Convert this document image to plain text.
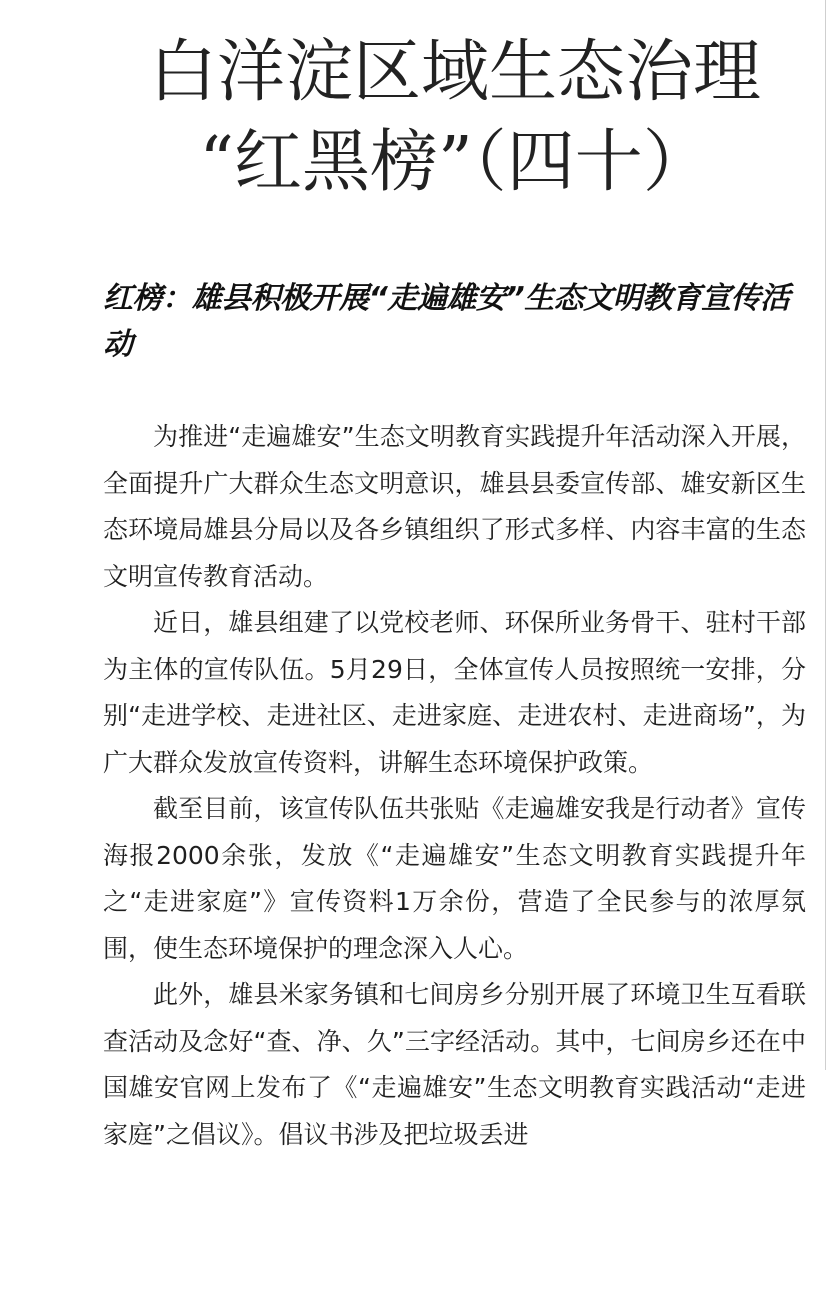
白洋淀区域生态治理
“红黑榜”（四十）
红榜：雄县积极开展“走遍雄安”生态文明教育宣传活动

为推进“走遍雄安”生态文明教育实践提升年活动深入开展，全面提升广大群众生态文明意识，雄县县委宣传部、雄安新区生态环境局雄县分局以及各乡镇组织了形式多样、内容丰富的生态文明宣传教育活动。

近日，雄县组建了以党校老师、环保所业务骨干、驻村干部为主体的宣传队伍。5月29日，全体宣传人员按照统一安排，分别“走进学校、走进社区、走进家庭、走进农村、走进商场”，为广大群众发放宣传资料，讲解生态环境保护政策。

截至目前，该宣传队伍共张贴《走遍雄安我是行动者》宣传海报2000余张，发放《“走遍雄安”生态文明教育实践提升年之“走进家庭”》宣传资料1万余份，营造了全民参与的浓厚氛围，使生态环境保护的理念深入人心。

此外，雄县米家务镇和七间房乡分别开展了环境卫生互看联查活动及念好“查、净、久”三字经活动。其中，七间房乡还在中国雄安官网上发布了《“走遍雄安”生态文明教育实践活动“走进家庭”之倡议》。倡议书涉及把垃圾丢进
